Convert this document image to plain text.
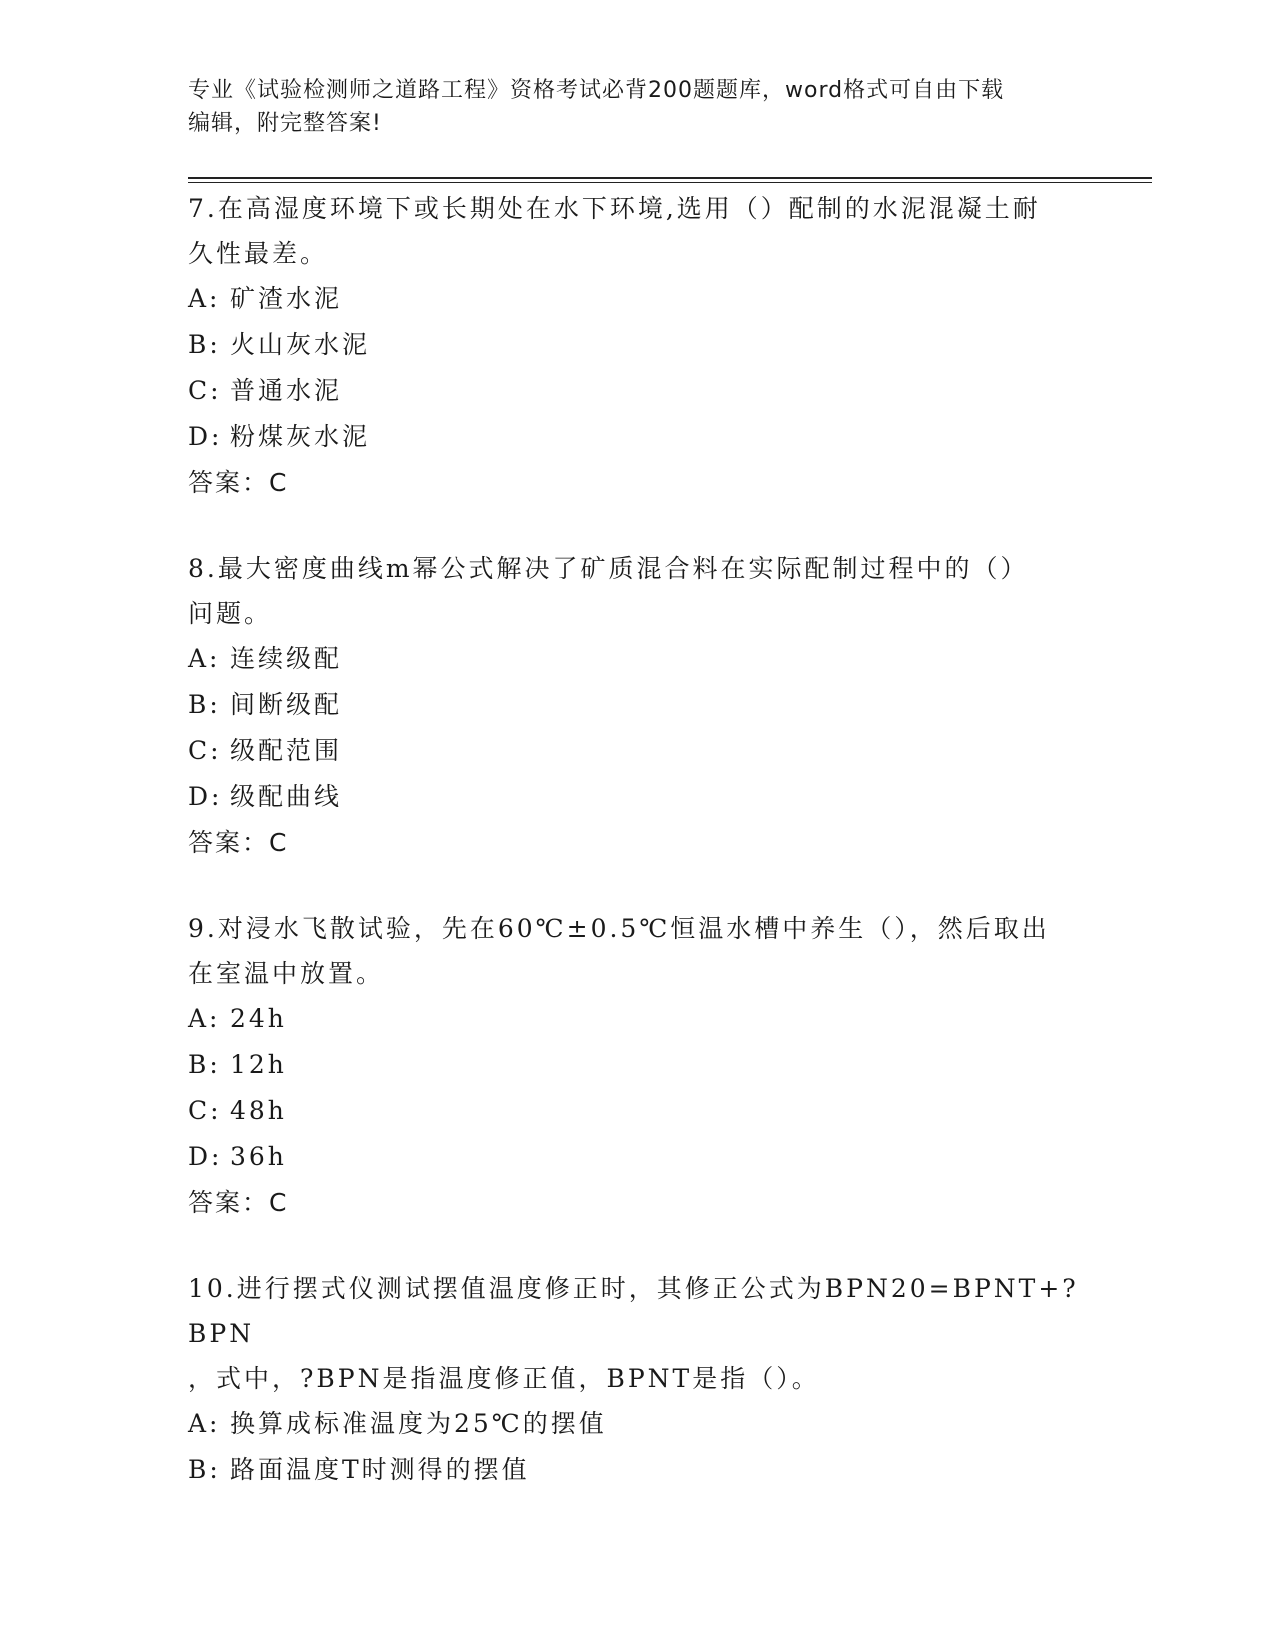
专业《试验检测师之道路工程》资格考试必背200题题库，word格式可自由下载
编辑，附完整答案!
7.在高湿度环境下或长期处在水下环境,选用（）配制的水泥混凝土耐
久性最差。
A: 矿渣水泥
B: 火山灰水泥
C: 普通水泥
D: 粉煤灰水泥
答案：C
8.最大密度曲线m幂公式解决了矿质混合料在实际配制过程中的（）
问题。
A: 连续级配
B: 间断级配
C: 级配范围
D: 级配曲线
答案：C
9.对浸水飞散试验，先在60℃±0.5℃恒温水槽中养生（），然后取出
在室温中放置。
A: 24h
B: 12h
C: 48h
D: 36h
答案：C
10.进行摆式仪测试摆值温度修正时，其修正公式为BPN20=BPNT+?BPN
，式中，?BPN是指温度修正值，BPNT是指（）。
A: 换算成标准温度为25℃的摆值
B: 路面温度T时测得的摆值
